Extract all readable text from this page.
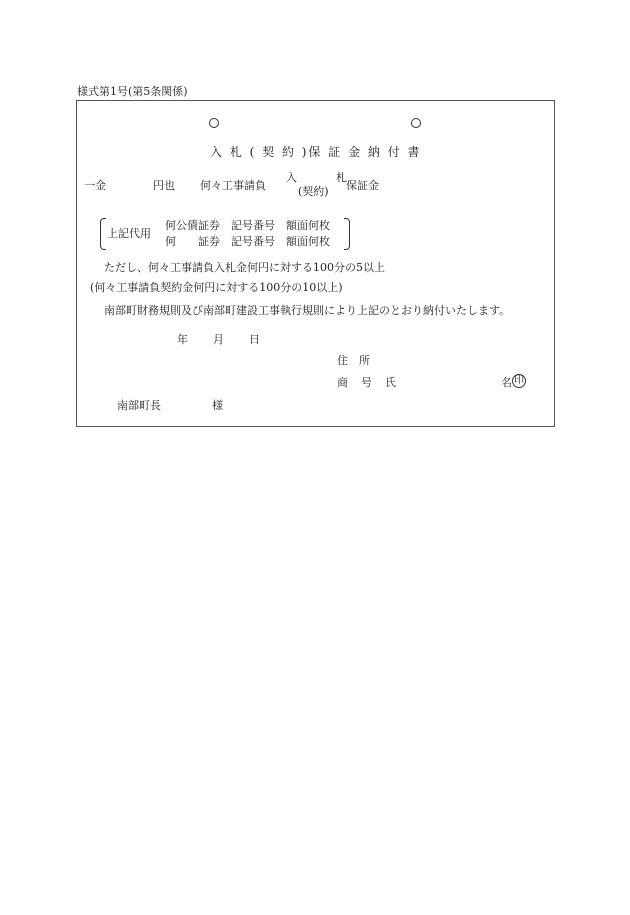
様式第1号(第5条関係)
入 札 ( 契 約 )保 証 金 納 付 書
一金	円也 何々工事請負
入
(契約)
札
保証金
上記代用
何公債証券　記号番号　額面何枚
何　　証券　記号番号　額面何枚
ただし、何々工事請負入札金何円に対する100分の5以上
(何々工事請負契約金何円に対する100分の10以上)
南部町財務規則及び南部町建設工事執行規則により上記のとおり納付いたします。
年 月 日
住　所
商 号 氏	名 印
南部町長	様
